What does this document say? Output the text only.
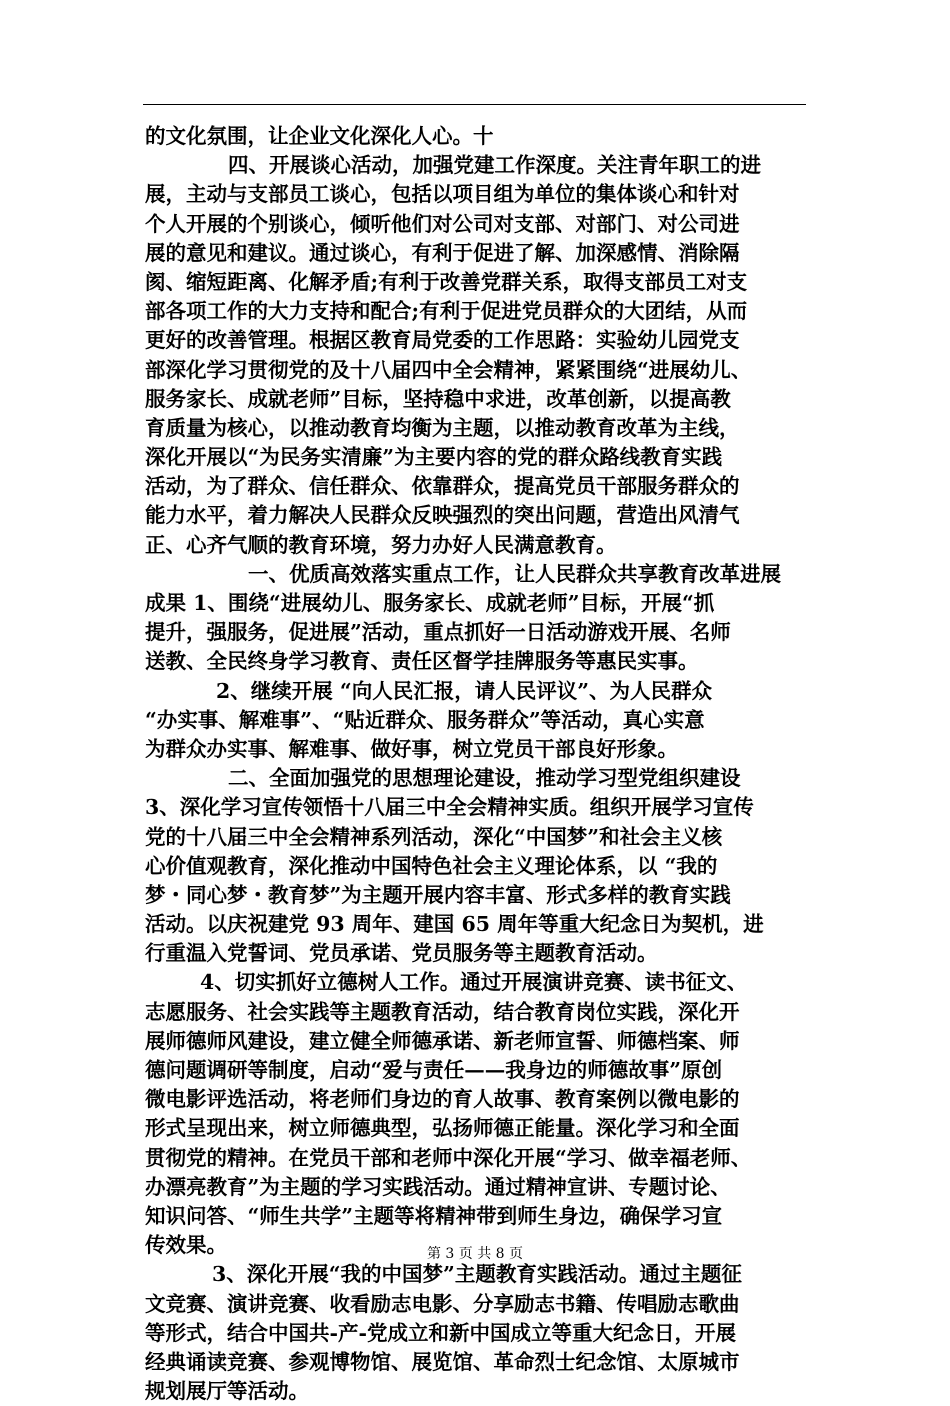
的文化氛围，让企业文化深化人心。十
四、开展谈心活动，加强党建工作深度。关注青年职工的进
展，主动与支部员工谈心，包括以项目组为单位的集体谈心和针对
个人开展的个别谈心，倾听他们对公司对支部、对部门、对公司进
展的意见和建议。通过谈心，有利于促进了解、加深感情、消除隔
阂、缩短距离、化解矛盾;有利于改善党群关系，取得支部员工对支
部各项工作的大力支持和配合;有利于促进党员群众的大团结，从而
更好的改善管理。根据区教育局党委的工作思路：实验幼儿园党支
部深化学习贯彻党的及十八届四中全会精神，紧紧围绕“进展幼儿、
服务家长、成就老师”目标，坚持稳中求进，改革创新，以提高教
育质量为核心，以推动教育均衡为主题，以推动教育改革为主线，
深化开展以“为民务实清廉”为主要内容的党的群众路线教育实践
活动，为了群众、信任群众、依靠群众，提高党员干部服务群众的
能力水平，着力解决人民群众反映强烈的突出问题，营造出风清气
正、心齐气顺的教育环境，努力办好人民满意教育。
一、优质高效落实重点工作，让人民群众共享教育改革进展
成果 1、围绕“进展幼儿、服务家长、成就老师”目标，开展“抓
提升，强服务，促进展”活动，重点抓好一日活动游戏开展、名师
送教、全民终身学习教育、责任区督学挂牌服务等惠民实事。
2、继续开展 “向人民汇报，请人民评议”、为人民群众
“办实事、解难事”、“贴近群众、服务群众”等活动，真心实意
为群众办实事、解难事、做好事，树立党员干部良好形象。
二、全面加强党的思想理论建设，推动学习型党组织建设
3、深化学习宣传领悟十八届三中全会精神实质。组织开展学习宣传
党的十八届三中全会精神系列活动，深化“中国梦”和社会主义核
心价值观教育，深化推动中国特色社会主义理论体系，以 “我的
梦・同心梦・教育梦”为主题开展内容丰富、形式多样的教育实践
活动。以庆祝建党 93 周年、建国 65 周年等重大纪念日为契机，进
行重温入党誓词、党员承诺、党员服务等主题教育活动。
4、切实抓好立德树人工作。通过开展演讲竞赛、读书征文、
志愿服务、社会实践等主题教育活动，结合教育岗位实践，深化开
展师德师风建设，建立健全师德承诺、新老师宣誓、师德档案、师
德问题调研等制度，启动“爱与责任——我身边的师德故事”原创
微电影评选活动，将老师们身边的育人故事、教育案例以微电影的
形式呈现出来，树立师德典型，弘扬师德正能量。深化学习和全面
贯彻党的精神。在党员干部和老师中深化开展“学习、做幸福老师、
办漂亮教育”为主题的学习实践活动。通过精神宣讲、专题讨论、
知识问答、“师生共学”主题等将精神带到师生身边，确保学习宣
传效果。
3、深化开展“我的中国梦”主题教育实践活动。通过主题征
文竞赛、演讲竞赛、收看励志电影、分享励志书籍、传唱励志歌曲
等形式，结合中国共-产-党成立和新中国成立等重大纪念日，开展
经典诵读竞赛、参观博物馆、展览馆、革命烈士纪念馆、太原城市
规划展厅等活动。
第 3 页 共 8 页
